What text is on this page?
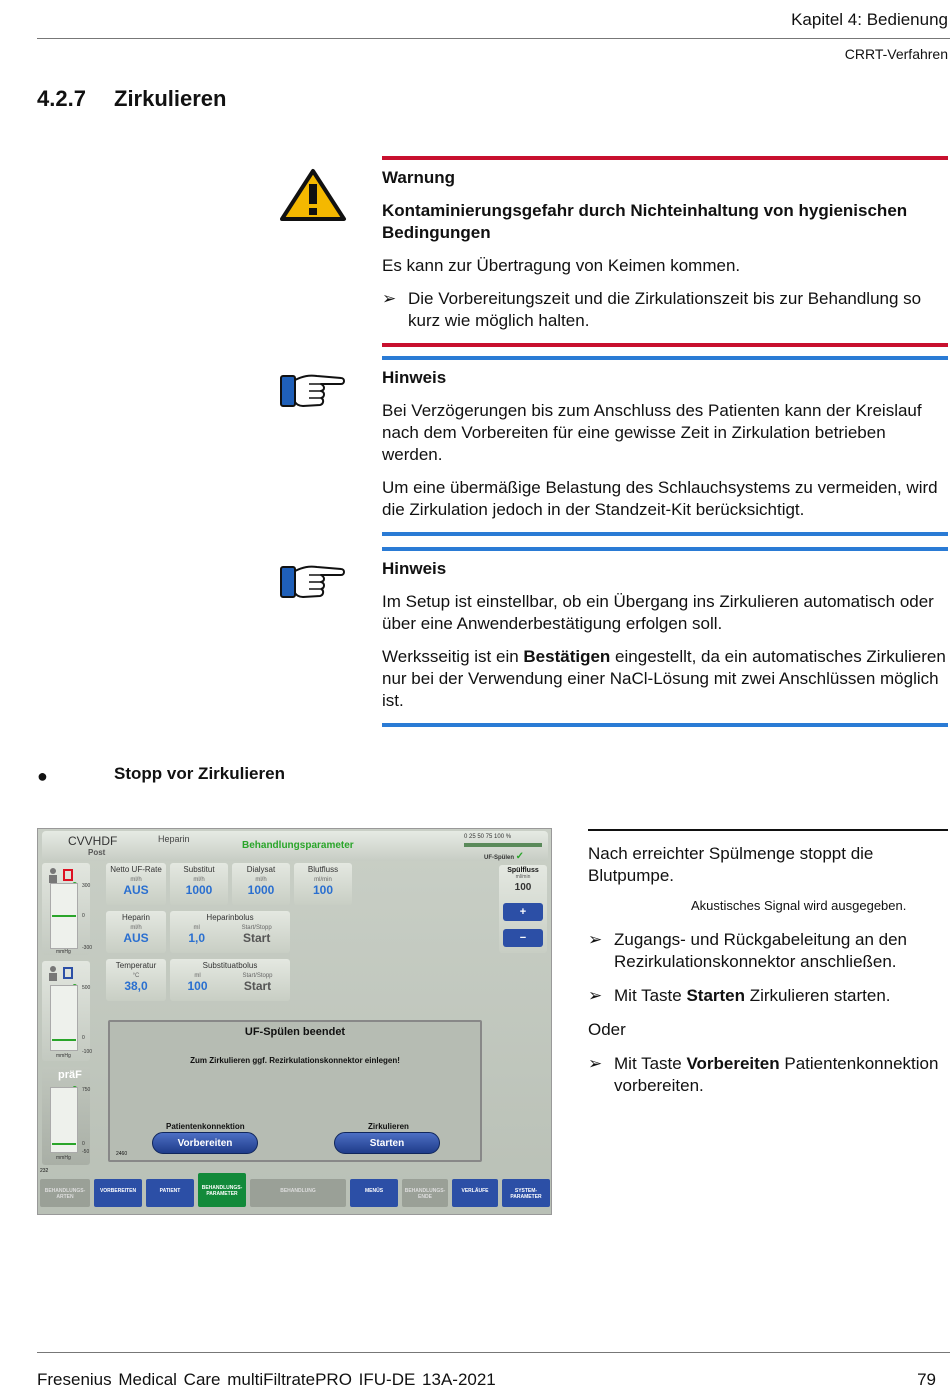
Kapitel 4: Bedienung
CRRT-Verfahren
4.2.7 Zirkulieren
Warnung

Kontaminierungsgefahr durch Nichteinhaltung von hygienischen Bedingungen

Es kann zur Übertragung von Keimen kommen.

➢ Die Vorbereitungszeit und die Zirkulationszeit bis zur Behandlung so kurz wie möglich halten.
Hinweis

Bei Verzögerungen bis zum Anschluss des Patienten kann der Kreislauf nach dem Vorbereiten für eine gewisse Zeit in Zirkulation betrieben werden.

Um eine übermäßige Belastung des Schlauchsystems zu vermeiden, wird die Zirkulation jedoch in der Standzeit-Kit berücksichtigt.

Hinweis

Im Setup ist einstellbar, ob ein Übergang ins Zirkulieren automatisch oder über eine Anwenderbestätigung erfolgen soll.

Werksseitig ist ein Bestätigen eingestellt, da ein automatisches Zirkulieren nur bei der Verwendung einer NaCl-Lösung mit zwei Anschlüssen möglich ist.

●	Stopp vor Zirkulieren
CVVHDF
Post
Heparin
Behandlungsparameter
0 25 50 75 100 %
UF-Spülen ✓
300
0
-300
mmHg
500
0
-100
mmHg
präF
750
0
-50
mmHg
Netto UF-Rate
ml/h
AUS
Substitut
ml/h
1000
Dialysat
ml/h
1000
Blutfluss
ml/min
100
Heparin
ml/h
AUS
Heparinbolus
ml
1,0
Start/Stopp
Start
Temperatur
°C
38,0
Substituatbolus
ml
100
Start/Stopp
Start
Spülfluss
ml/min
100
+
−
UF-Spülen beendet
Zum Zirkulieren ggf. Rezirkulationskonnektor einlegen!
Patientenkonnektion
Vorbereiten
Zirkulieren
Starten
2460
232
BEHANDLUNGS-ARTEN
VORBEREITEN	PATIENT	BEHANDLUNGS-PARAMETER	BEHANDLUNG	MENÜS	BEHANDLUNGS-ENDE
VERLÄUFE	SYSTEM-PARAMETER

Nach erreichter Spülmenge stoppt die Blutpumpe.

Akustisches Signal wird ausgegeben.
➢ Zugangs- und Rückgabeleitung an den Rezirkulationskonnektor anschließen.
➢ Mit Taste Starten Zirkulieren starten.

Oder

➢ Mit Taste Vorbereiten Patientenkonnektion vorbereiten.
Fresenius Medical Care multiFiltratePRO IFU-DE 13A-2021	79
